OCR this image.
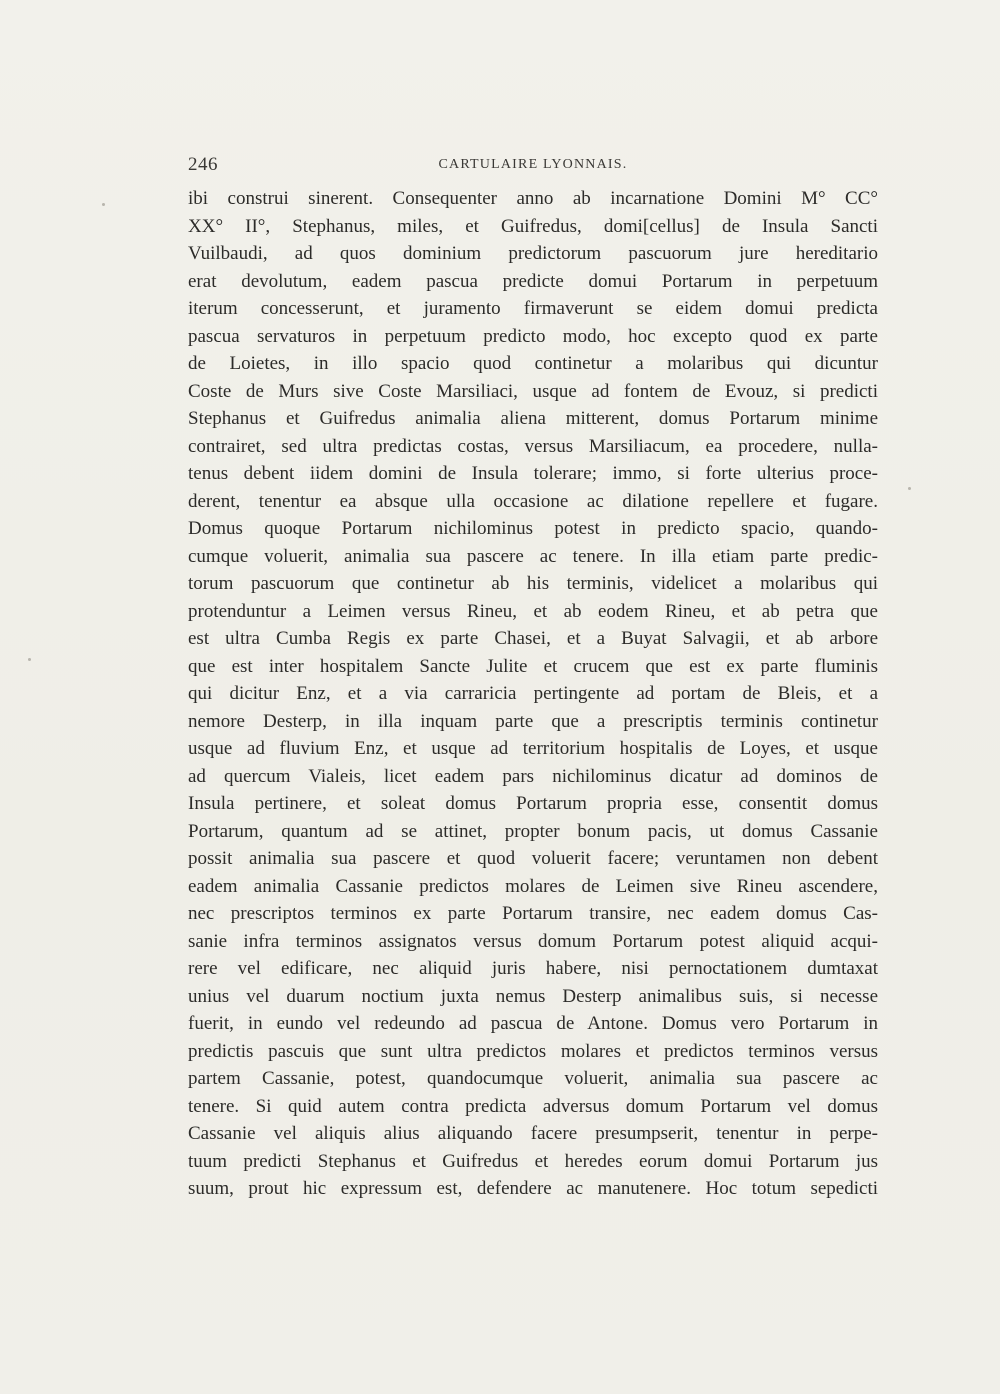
246	CARTULAIRE LYONNAIS.
ibi construi sinerent. Consequenter anno ab incarnatione Domini M° CC°
XX° II°, Stephanus, miles, et Guifredus, domi[cellus] de Insula Sancti
Vuilbaudi, ad quos dominium predictorum pascuorum jure hereditario
erat devolutum, eadem pascua predicte domui Portarum in perpetuum
iterum concesserunt, et juramento firmaverunt se eidem domui predicta
pascua servaturos in perpetuum predicto modo, hoc excepto quod ex parte
de Loietes, in illo spacio quod continetur a molaribus qui dicuntur
Coste de Murs sive Coste Marsiliaci, usque ad fontem de Evouz, si predicti
Stephanus et Guifredus animalia aliena mitterent, domus Portarum minime
contrairet, sed ultra predictas costas, versus Marsiliacum, ea procedere, nulla-
tenus debent iidem domini de Insula tolerare; immo, si forte ulterius proce-
derent, tenentur ea absque ulla occasione ac dilatione repellere et fugare.
Domus quoque Portarum nichilominus potest in predicto spacio, quando-
cumque voluerit, animalia sua pascere ac tenere. In illa etiam parte predic-
torum pascuorum que continetur ab his terminis, videlicet a molaribus qui
protenduntur a Leimen versus Rineu, et ab eodem Rineu, et ab petra que
est ultra Cumba Regis ex parte Chasei, et a Buyat Salvagii, et ab arbore
que est inter hospitalem Sancte Julite et crucem que est ex parte fluminis
qui dicitur Enz, et a via carraricia pertingente ad portam de Bleis, et a
nemore Desterp, in illa inquam parte que a prescriptis terminis continetur
usque ad fluvium Enz, et usque ad territorium hospitalis de Loyes, et usque
ad quercum Vialeis, licet eadem pars nichilominus dicatur ad dominos de
Insula pertinere, et soleat domus Portarum propria esse, consentit domus
Portarum, quantum ad se attinet, propter bonum pacis, ut domus Cassanie
possit animalia sua pascere et quod voluerit facere; veruntamen non debent
eadem animalia Cassanie predictos molares de Leimen sive Rineu ascendere,
nec prescriptos terminos ex parte Portarum transire, nec eadem domus Cas-
sanie infra terminos assignatos versus domum Portarum potest aliquid acqui-
rere vel edificare, nec aliquid juris habere, nisi pernoctationem dumtaxat
unius vel duarum noctium juxta nemus Desterp animalibus suis, si necesse
fuerit, in eundo vel redeundo ad pascua de Antone. Domus vero Portarum in
predictis pascuis que sunt ultra predictos molares et predictos terminos versus
partem Cassanie, potest, quandocumque voluerit, animalia sua pascere ac
tenere. Si quid autem contra predicta adversus domum Portarum vel domus
Cassanie vel aliquis alius aliquando facere presumpserit, tenentur in perpe-
tuum predicti Stephanus et Guifredus et heredes eorum domui Portarum jus
suum, prout hic expressum est, defendere ac manutenere. Hoc totum sepedicti
